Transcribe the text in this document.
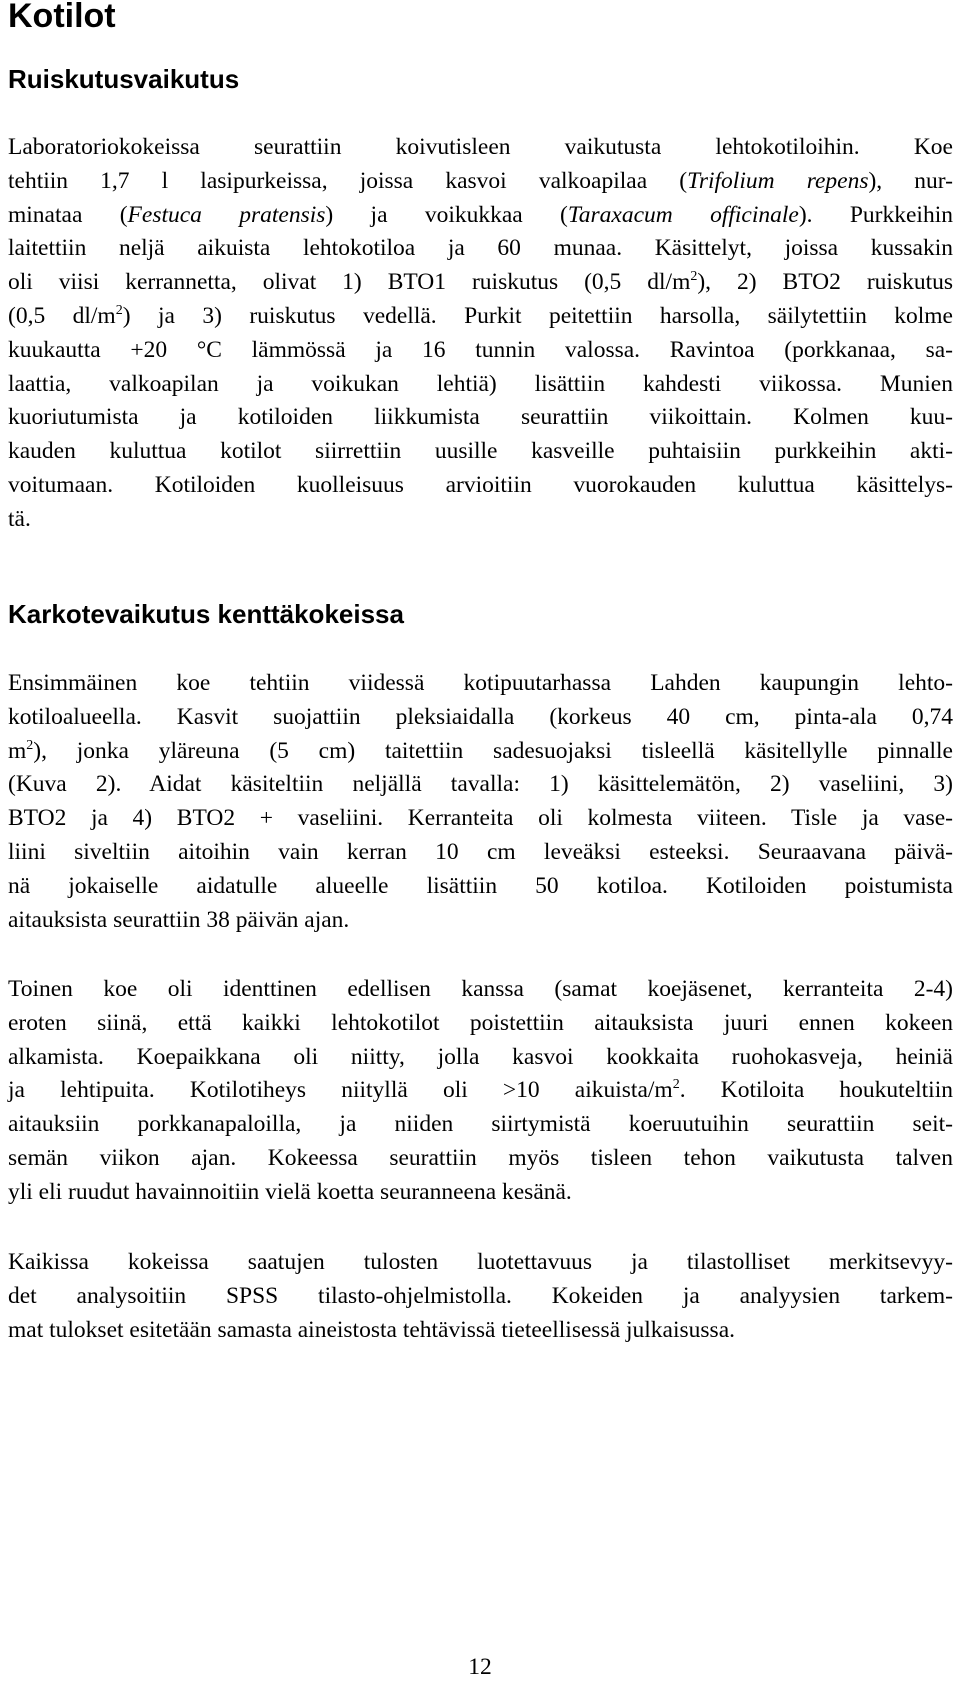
Kotilot
Ruiskutusvaikutus
Laboratoriokokeissa seurattiin koivutisleen vaikutusta lehtokotiloihin. Koe
tehtiin 1,7 l lasipurkeissa, joissa kasvoi valkoapilaa (Trifolium repens), nur-
minataa (Festuca pratensis) ja voikukkaa (Taraxacum officinale). Purkkeihin
laitettiin neljä aikuista lehtokotiloa ja 60 munaa. Käsittelyt, joissa kussakin
oli viisi kerrannetta, olivat 1) BTO1 ruiskutus (0,5 $dl/m^2$), 2) BTO2 ruiskutus
(0,5 $dl/m^2$) ja 3) ruiskutus vedellä. Purkit peitettiin harsolla, säilytettiin kolme
kuukautta +20 °C lämmössä ja 16 tunnin valossa. Ravintoa (porkkanaa, sa-
laattia, valkoapilan ja voikukan lehtiä) lisättiin kahdesti viikossa. Munien
kuoriutumista ja kotiloiden liikkumista seurattiin viikoittain. Kolmen kuu-
kauden kuluttua kotilot siirrettiin uusille kasveille puhtaisiin purkkeihin akti-
voitumaan. Kotiloiden kuolleisuus arvioitiin vuorokauden kuluttua käsittelys-
tä.
Karkotevaikutus kenttäkokeissa
Ensimmäinen koe tehtiin viidessä kotipuutarhassa Lahden kaupungin lehto-
kotiloalueella. Kasvit suojattiin pleksiaidalla (korkeus 40 cm, pinta-ala 0,74
$m^2$), jonka yläreuna (5 cm) taitettiin sadesuojaksi tisleellä käsitellylle pinnalle
(Kuva 2). Aidat käsiteltiin neljällä tavalla: 1) käsittelemätön, 2) vaseliini, 3)
BTO2 ja 4) BTO2 + vaseliini. Kerranteita oli kolmesta viiteen. Tisle ja vase-
liini siveltiin aitoihin vain kerran 10 cm leveäksi esteeksi. Seuraavana päivä-
nä jokaiselle aidatulle alueelle lisättiin 50 kotiloa. Kotiloiden poistumista
aitauksista seurattiin 38 päivän ajan.
Toinen koe oli identtinen edellisen kanssa (samat koejäsenet, kerranteita 2-4)
eroten siinä, että kaikki lehtokotilot poistettiin aitauksista juuri ennen kokeen
alkamista. Koepaikkana oli niitty, jolla kasvoi kookkaita ruohokasveja, heiniä
ja lehtipuita. Kotilotiheys niityllä oli >10 aikuista/$m^2$. Kotiloita houkuteltiin
aitauksiin porkkanapaloilla, ja niiden siirtymistä koeruutuihin seurattiin seit-
semän viikon ajan. Kokeessa seurattiin myös tisleen tehon vaikutusta talven
yli eli ruudut havainnoitiin vielä koetta seuranneena kesänä.
Kaikissa kokeissa saatujen tulosten luotettavuus ja tilastolliset merkitsevyy-
det analysoitiin SPSS tilasto-ohjelmistolla. Kokeiden ja analyysien tarkem-
mat tulokset esitetään samasta aineistosta tehtävissä tieteellisessä julkaisussa.

12
